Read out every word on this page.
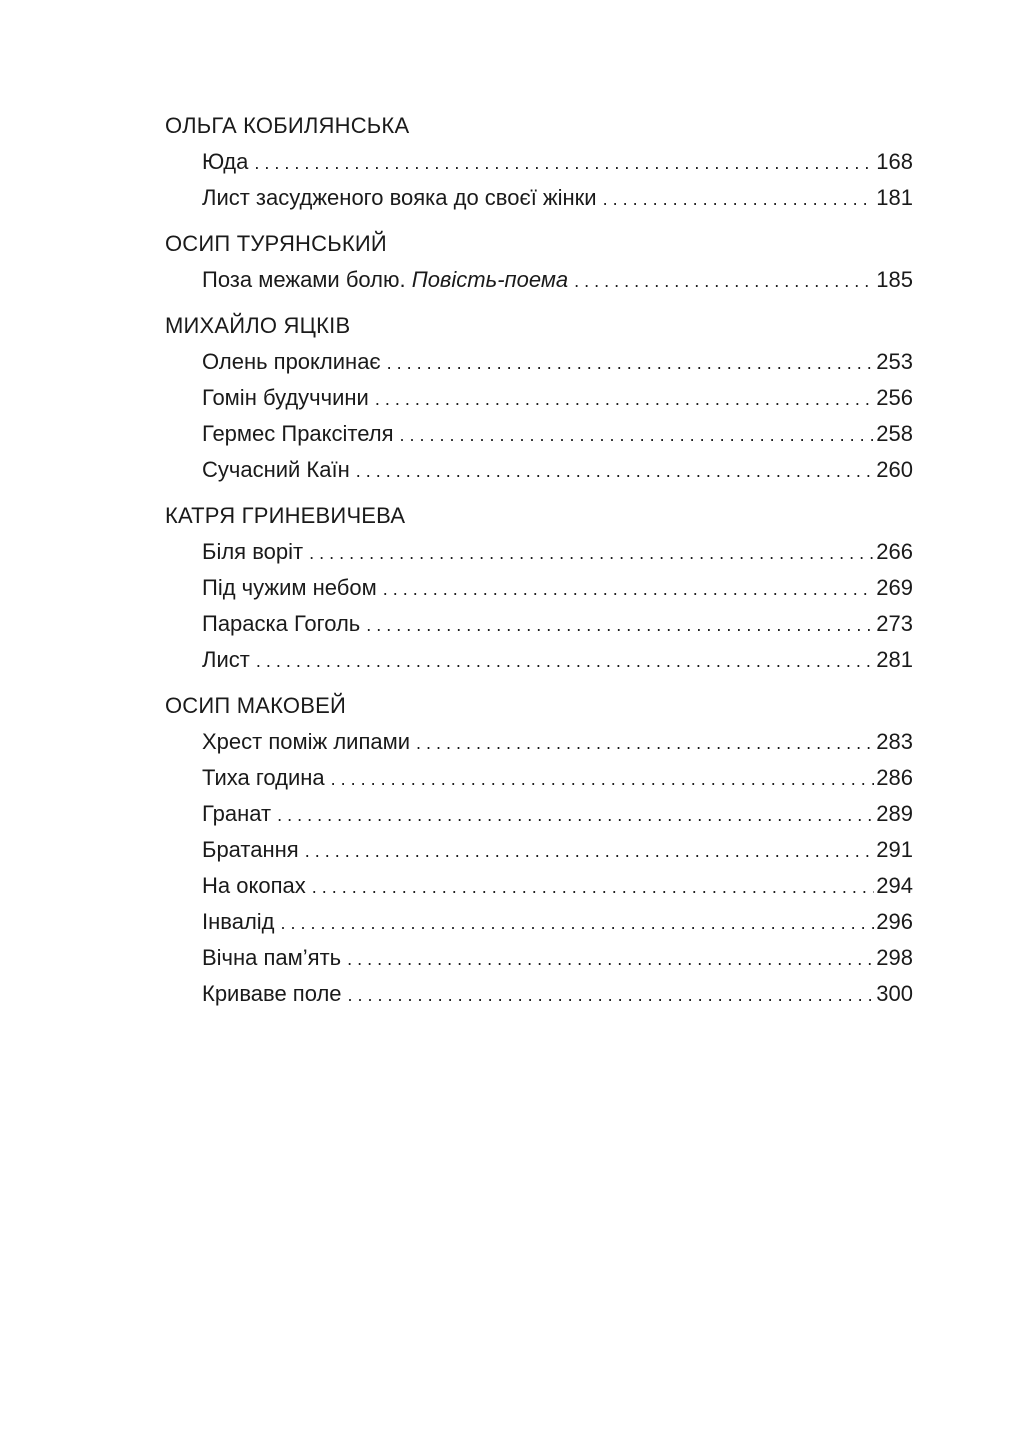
ОЛЬГА КОБИЛЯНСЬКА
Юда . . .	168
Лист засудженого вояка до своєї жінки . . .	181
ОСИП ТУРЯНСЬКИЙ
Поза межами болю. Повість-поема . . .	185
МИХАЙЛО ЯЦКІВ
Олень проклинає . . .	253
Гомін будуччини . . .	256
Гермес Праксітеля . . .	258
Сучасний Каїн . . .	260
КАТРЯ ГРИНЕВИЧЕВА
Біля воріт . . .	266
Під чужим небом . . .	269
Параска Гоголь . . .	273
Лист . . .	281
ОСИП МАКОВЕЙ
Хрест поміж липами . . .	283
Тиха година . . .	286
Гранат . . .	289
Братання . . .	291
На окопах . . .	294
Інвалід . . .	296
Вічна пам’ять . . .	298
Криваве поле . . .	300
